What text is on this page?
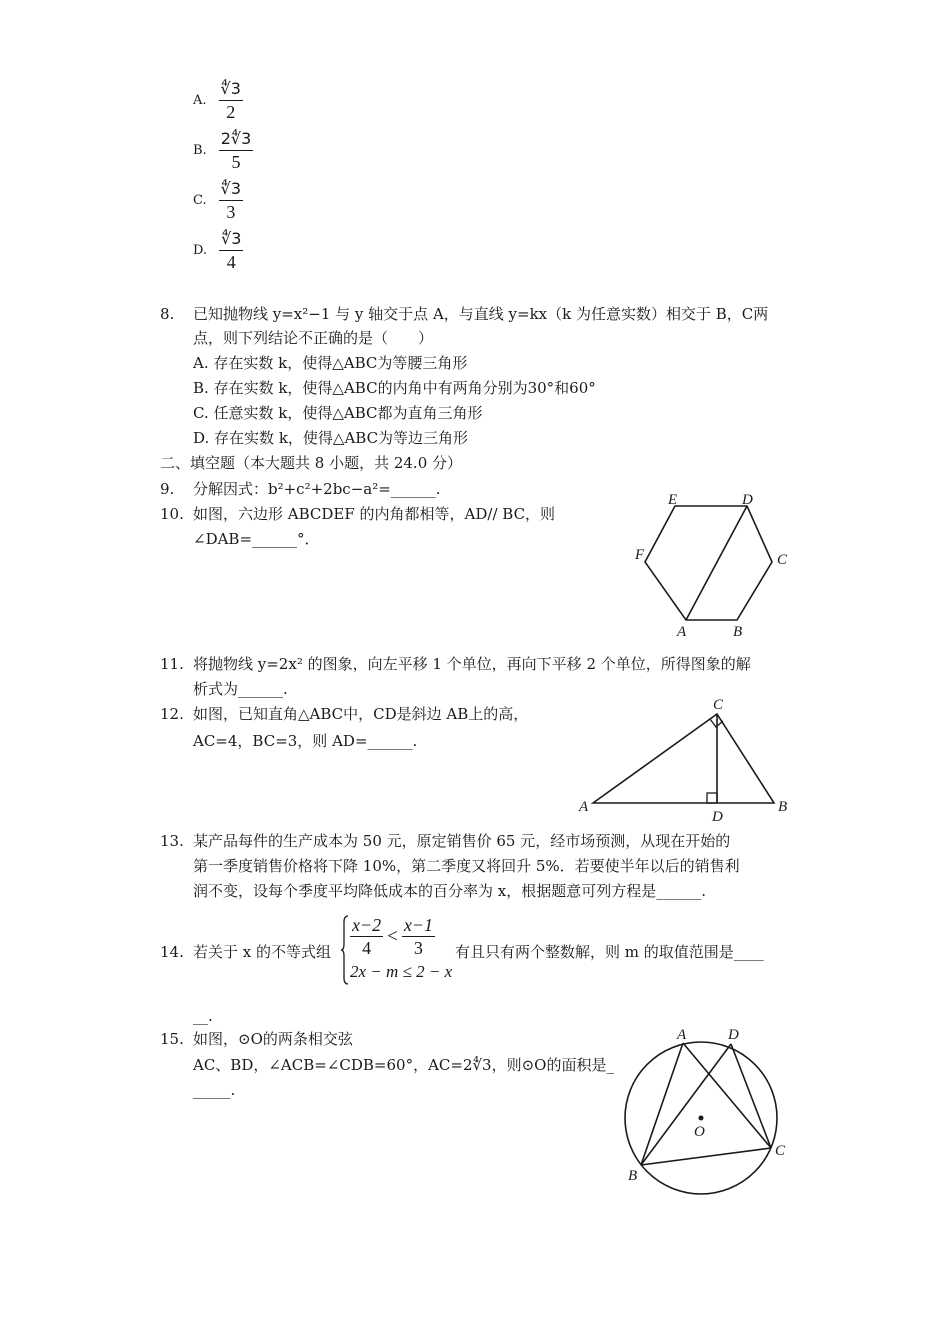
A. $\frac{∜3}{2}$
B. $\frac{2∜3}{5}$
C. $\frac{∜3}{3}$
D. $\frac{∜3}{4}$
8. 已知抛物线 y=x²−1 与 y 轴交于点 A，与直线 y=kx（k 为任意实数）相交于 B，C两
点，则下列结论不正确的是（　　）
A. 存在实数 k，使得△ABC为等腰三角形
B. 存在实数 k，使得△ABC的内角中有两角分别为30°和60°
C. 任意实数 k，使得△ABC都为直角三角形
D. 存在实数 k，使得△ABC为等边三角形
二、填空题（本大题共 8 小题，共 24.0 分）
9. 分解因式：b²+c²+2bc−a²=______.
10. 如图，六边形 ABCDEF 的内角都相等，AD// BC，则
∠DAB=______°．
E	D
F	C
A	B
11. 将抛物线 y=2x² 的图象，向左平移 1 个单位，再向下平移 2 个单位，所得图象的解
析式为______.
12. 如图，已知直角△ABC中，CD是斜边 AB上的高，
AC=4，BC=3，则 AD=______.
C
A
D
B
13. 某产品每件的生产成本为 50 元，原定销售价 65 元，经市场预测，从现在开始的
第一季度销售价格将下降 10%，第二季度又将回升 5%．若要使半年以后的销售利
润不变，设每个季度平均降低成本的百分率为 x，根据题意可列方程是______.
14. 若关于 x 的不等式组 $\frac{x-2}{4} < \frac{x-1}{3}$
2x − m ≤ 2 − x
有且只有两个整数解，则 m 的取值范围是____
__.
15. 如图，⊙O的两条相交弦
AC、BD，∠ACB=∠CDB=60°，AC=2∜3，则⊙O的面积是_
_____.
A	D
O
B
C
